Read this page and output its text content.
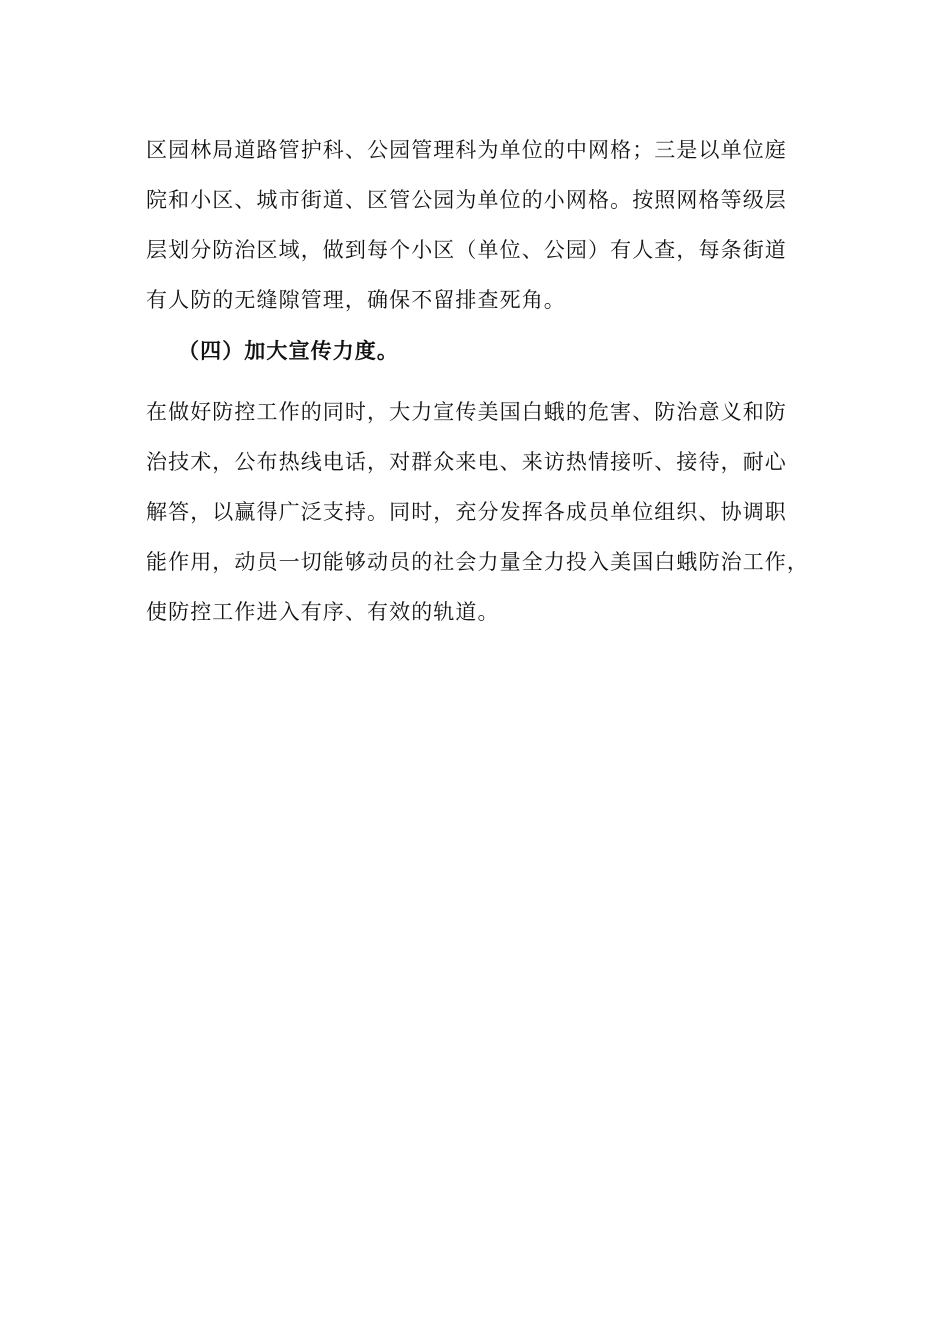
区园林局道路管护科、公园管理科为单位的中网格；三是以单位庭
院和小区、城市街道、区管公园为单位的小网格。按照网格等级层
层划分防治区域，做到每个小区（单位、公园）有人查，每条街道
有人防的无缝隙管理，确保不留排查死角。
（四）加大宣传力度。
在做好防控工作的同时，大力宣传美国白蛾的危害、防治意义和防
治技术，公布热线电话，对群众来电、来访热情接听、接待，耐心
解答，以赢得广泛支持。同时，充分发挥各成员单位组织、协调职
能作用，动员一切能够动员的社会力量全力投入美国白蛾防治工作，
使防控工作进入有序、有效的轨道。
